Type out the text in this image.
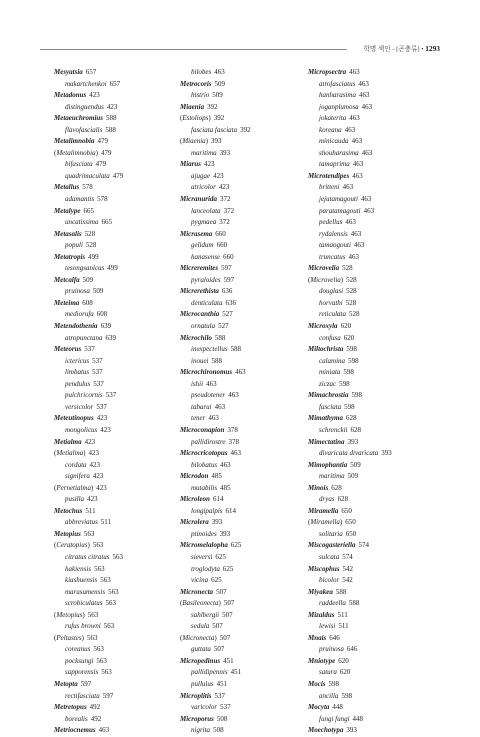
학명 색인 - [곤충류] • 1293
Mesyatsia 657
makartchenkoi 657
Metadonus 423
distinguendus 423
Metaeuchromius 588
flavofascialis 588
Metalimnobia 479
(Metalimnobia) 479
bifasciata 479
quadrimaculata 479
Metallus 578
adamantis 578
Metalype 665
uncatissima 665
Metasalis 528
populi 528
Metatropis 499
tesongsanicus 499
Metcalfa 509
pruinosa 509
Meteima 608
mediorufa 608
Metendothenia 639
atropunctana 639
Meteorus 537
ictericus 537
limbatus 537
pendulus 537
pulchricornis 537
versicolor 537
Meteutinopus 423
mongolicus 423
Metialma 423
(Metialma) 423
cordata 423
signifera 423
(Pernetialma) 423
pusilla 423
Metochus 511
abbreviatus 511
Metopius 563
(Ceratopius) 563
citratus citratus 563
hakiensis 563
kiashuensis 563
marusumensis 563
scrobiculatus 563
(Metopius) 563
rufus browni 563
(Peltastes) 563
coreanus 563
pocksungi 563
sapporensis 563
Metopta 597
rectifasciata 597
Metretopus 492
borealis 492
Metriocnemus 463
bilobes 463
Metrocoris 509
histrio 509
Miaenia 392
(Estoliops) 392
fasciata fasciata 392
(Miaenia) 393
maritima 393
Miarus 423
ajugae 423
atricolor 423
Micranurida 372
lanceolata 372
pygmaea 372
Micrasema 660
gelidum 660
hanasense 660
Micreremites 597
pyraloides 597
Micrerethista 636
denticulata 636
Microcanthia 527
ornatula 527
Microchilo 588
inexpectellus 588
inouei 588
Microchironomus 463
ishii 463
pseudotener 463
tabarui 463
tener 463
Microconapion 378
pallidirostre 378
Microcricotopus 463
bilobatus 463
Microdon 485
mutabilis 485
Microleon 614
longipalpis 614
Microlera 393
ptinoides 393
Micromelalopha 625
sieversi 625
troglodyta 625
vicina 625
Micronecta 507
(Basileonecta) 507
sahlbergii 507
sedula 507
(Micronecta) 507
guttata 507
Micropedinus 451
pallidipennis 451
pullulus 451
Microplitis 537
varicolor 537
Microporus 508
nigrita 508
Micropsectra 463
atrofasciatus 463
hanharasima 463
joganplumosa 463
jokaterita 463
koreana 463
minicauda 463
shouharasima 463
tamaprima 463
Microtendipes 463
britteni 463
jejutamagouti 463
paratamagouti 463
pedellus 463
rydalensis 463
tamaogouti 463
truncatus 463
Microvelia 528
(Microvelia) 528
douglasi 528
horvathi 528
reticulata 528
Microxyla 620
confusa 620
Miltochrista 598
calamina 598
miniata 598
ziczac 598
Mimachrostia 598
fasciata 598
Mimathyma 628
schrenckii 628
Mimectatina 393
divaricata divaricata 393
Mimophantia 509
maritima 509
Minois 628
dryas 628
Miramella 650
(Miramella) 650
solitaria 650
Miscogasteriella 574
sulcata 574
Miscophus 542
bicolor 542
Miyakea 588
raddeella 588
Mizaldus 511
lewisi 511
Mnais 646
pruinosa 646
Mniotype 620
satura 620
Mocis 598
ancilla 598
Mocyta 448
fungi fungi 448
Moechotypa 393
